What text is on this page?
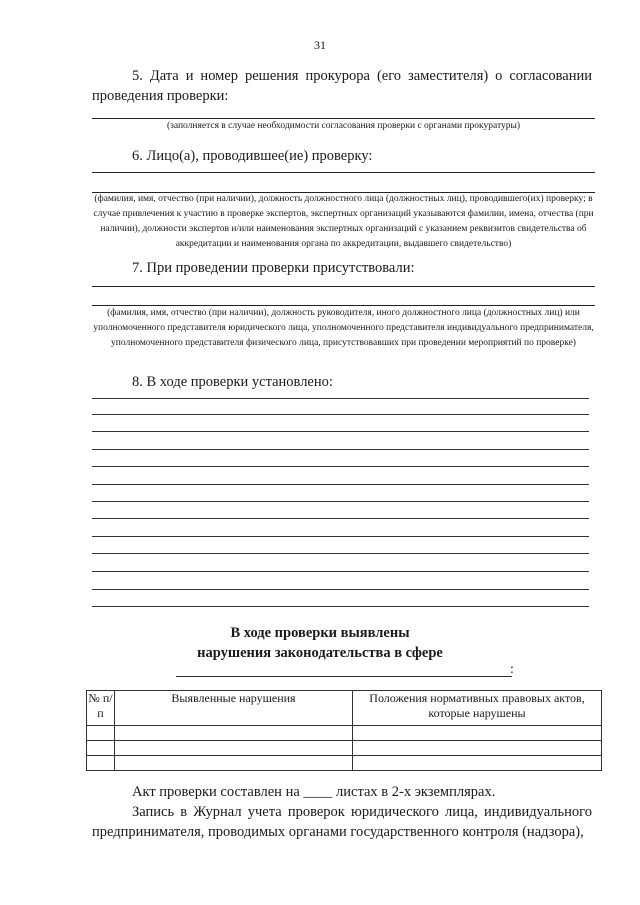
31
5. Дата и номер решения прокурора (его заместителя) о согласовании проведения проверки:
(заполняется в случае необходимости согласования проверки с органами прокуратуры)
6. Лицо(а), проводившее(ие) проверку:
(фамилия, имя, отчество (при наличии), должность должностного лица (должностных лиц), проводившего(их) проверку; в случае привлечения к участию в проверке экспертов, экспертных организаций указываются фамилии, имена, отчества (при наличии), должности экспертов и/или наименования экспертных организаций с указанием реквизитов свидетельства об аккредитации и наименования органа по аккредитации, выдавшего свидетельство)
7. При проведении проверки присутствовали:
(фамилия, имя, отчество (при наличии), должность руководителя, иного должностного лица (должностных лиц) или уполномоченного представителя юридического лица, уполномоченного представителя индивидуального предпринимателя, уполномоченного представителя физического лица, присутствовавших при проведении мероприятий по проверке)
8. В ходе проверки установлено:
В ходе проверки выявлены
нарушения законодательства в сфере
:
№ п/п	Выявленные нарушения	Положения нормативных правовых актов, которые нарушены

Акт проверки составлен на ____ листах в 2-х экземплярах.
Запись в Журнал учета проверок юридического лица, индивидуального предпринимателя, проводимых органами государственного контроля (надзора),
